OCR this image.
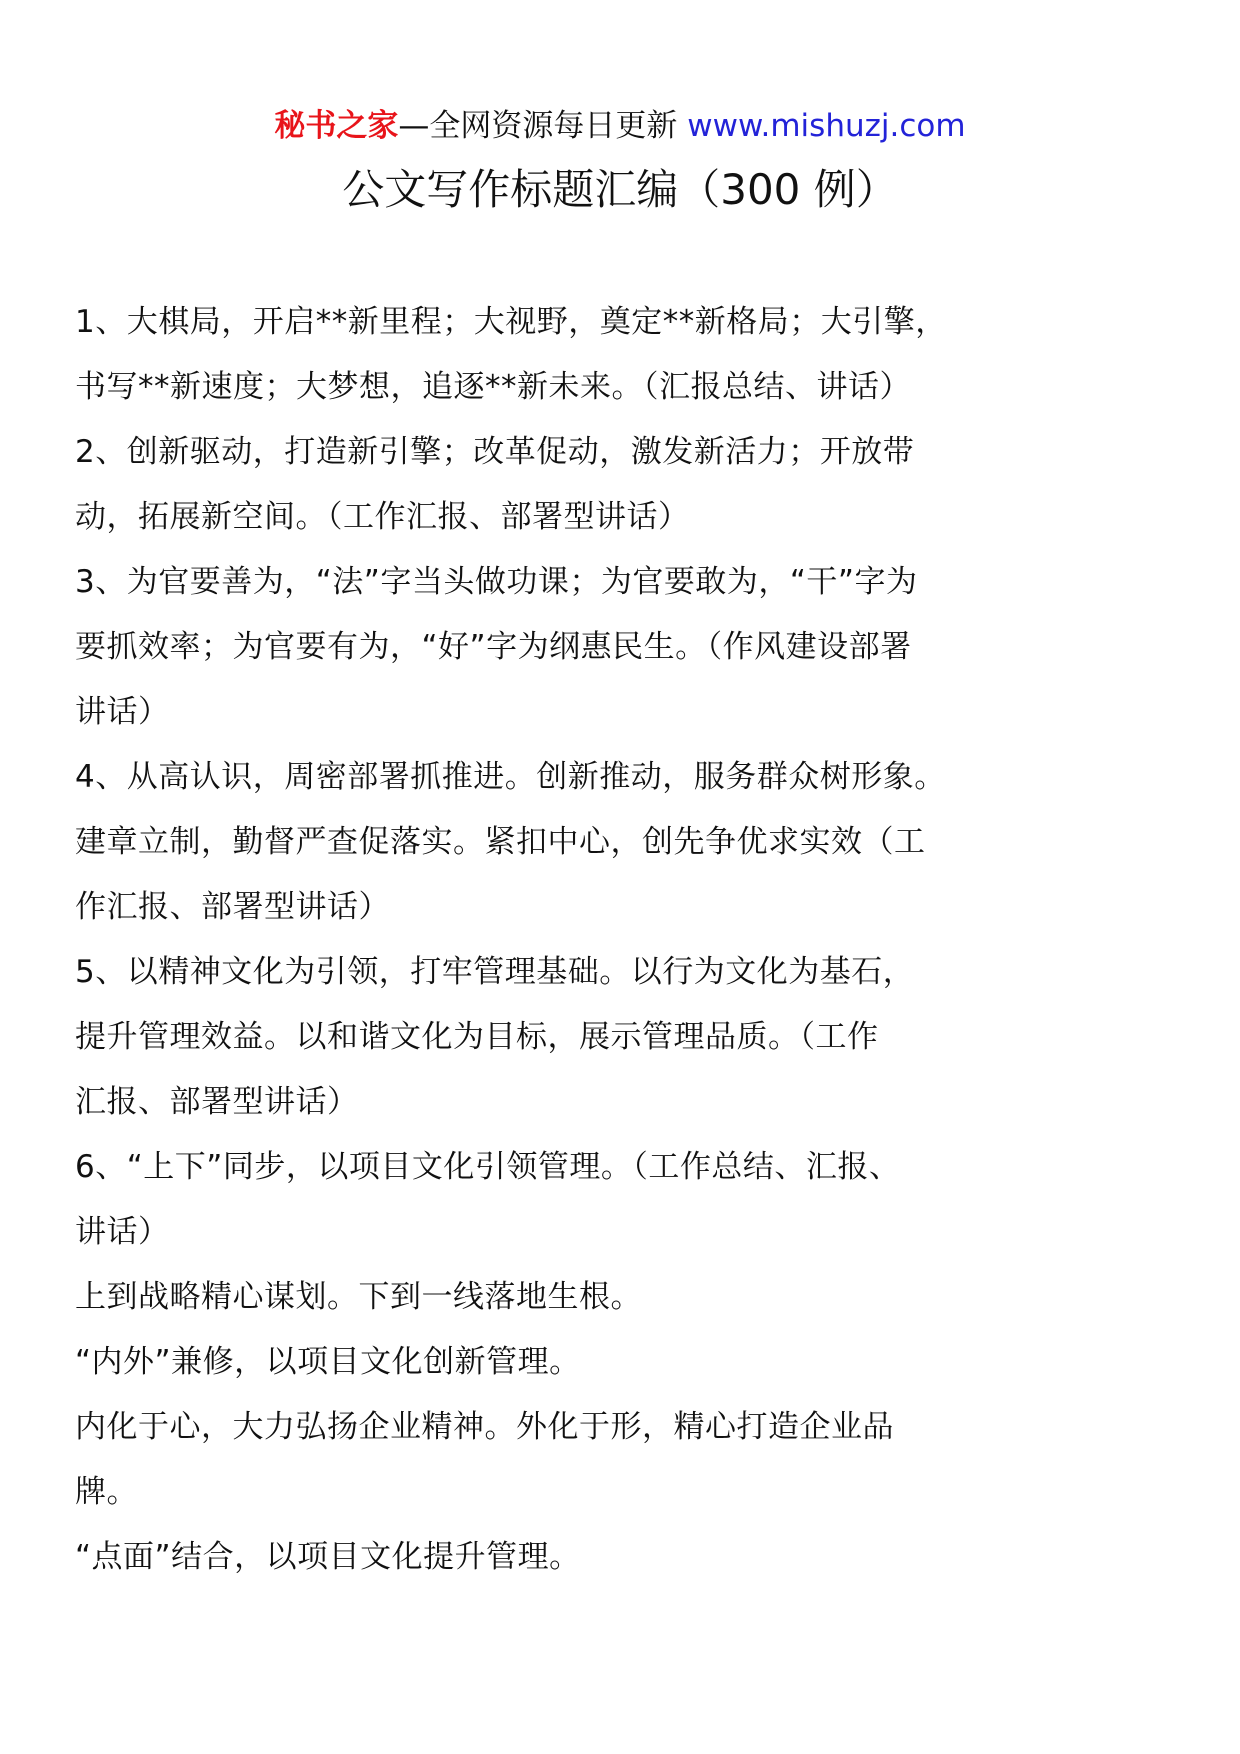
秘书之家—全网资源每日更新 www.mishuzj.com
公文写作标题汇编（300 例）

1、大棋局，开启**新里程；大视野，奠定**新格局；大引擎，

书写**新速度；大梦想，追逐**新未来。（汇报总结、讲话）

2、创新驱动，打造新引擎；改革促动，激发新活力；开放带

动，拓展新空间。（工作汇报、部署型讲话）

3、为官要善为，“法”字当头做功课；为官要敢为，“干”字为

要抓效率；为官要有为，“好”字为纲惠民生。（作风建设部署

讲话）

4、从高认识，周密部署抓推进。创新推动，服务群众树形象。

建章立制，勤督严查促落实。紧扣中心，创先争优求实效（工

作汇报、部署型讲话）

5、以精神文化为引领，打牢管理基础。以行为文化为基石，

提升管理效益。以和谐文化为目标，展示管理品质。（工作

汇报、部署型讲话）

6、“上下”同步，以项目文化引领管理。（工作总结、汇报、

讲话）

上到战略精心谋划。下到一线落地生根。

“内外”兼修，以项目文化创新管理。

内化于心，大力弘扬企业精神。外化于形，精心打造企业品

牌。

“点面”结合，以项目文化提升管理。
